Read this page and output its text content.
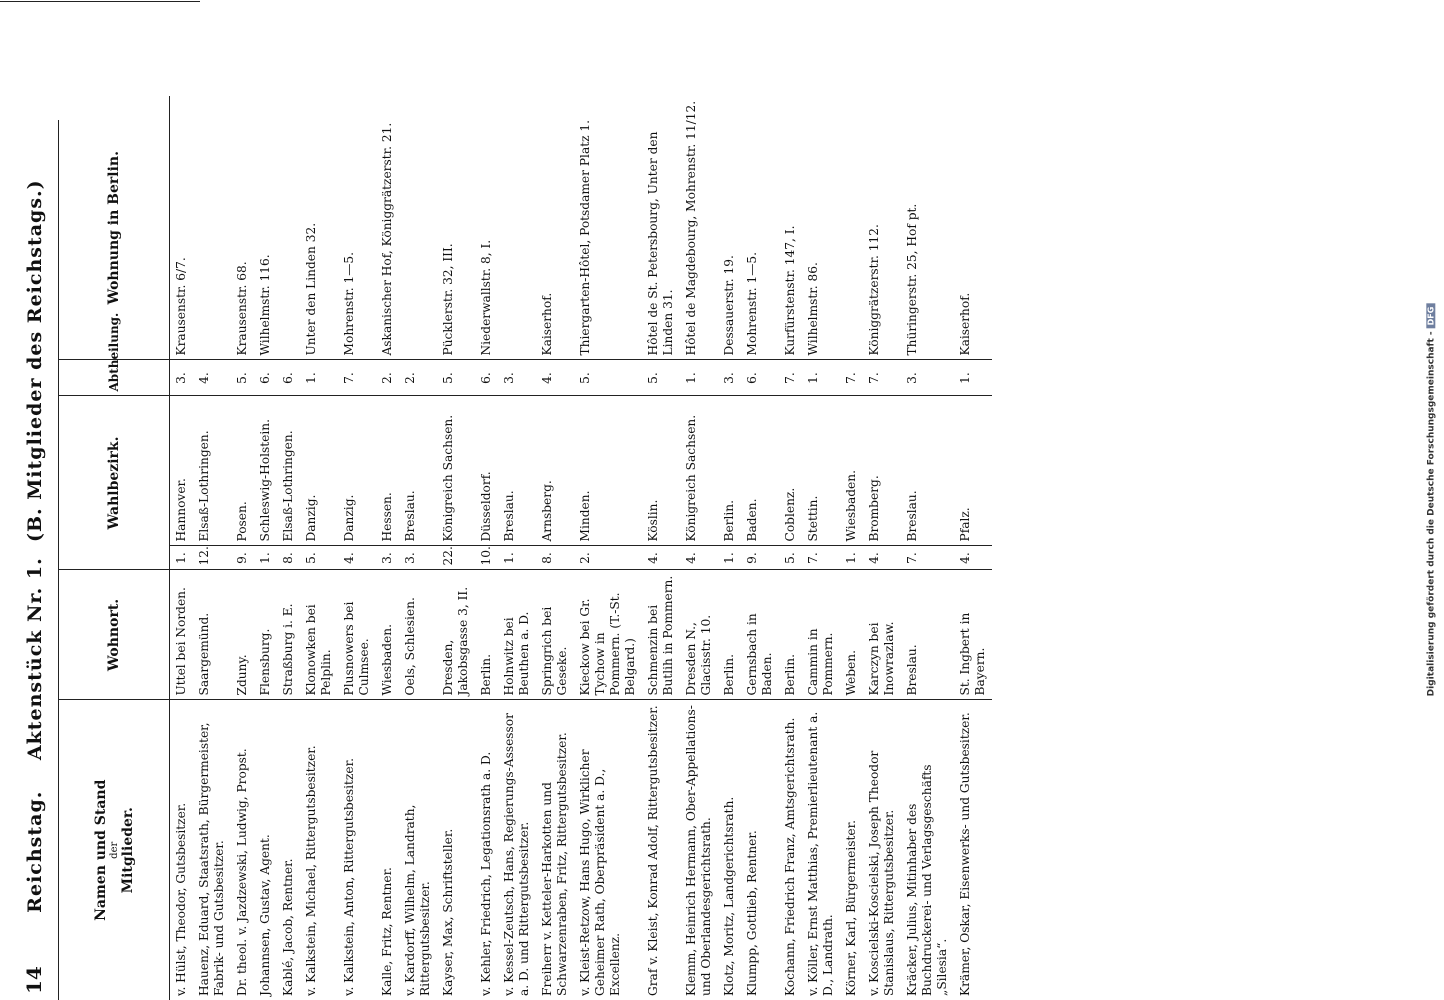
Digitalisierung gefördert durch die Deutsche Forschungsgemeinschaft -DFG
14
Reichstag.    Aktenstück Nr. 1.  (B. Mitglieder des Reichstags.)
Namen und Stand der Mitglieder.	Wohnort.	Wahlbezirk.		Abtheilung.	Wohnung in Berlin.
v. Hülst, Theodor, Gutsbesitzer.	Uttel bei Norden.	1.	Hannover.	3.	Krausenstr. 6/7.
Hauenz, Eduard, Staatsrath, Bürgermeister, Fabrik- und Gutsbesitzer.	Saargemünd.	12.	Elsaß-Lothringen.	4.	
Dr. theol. v. Jazdzewski, Ludwig, Propst.	Zduny.	9.	Posen.	5.	Krausenstr. 68.
Johannsen, Gustav, Agent.	Flensburg.	1.	Schleswig-Holstein.	6.	Wilhelmstr. 116.
Kablé, Jacob, Rentner.	Straßburg i. E.	8.	Elsaß-Lothringen.	6.	
v. Kalkstein, Michael, Rittergutsbesitzer.	Klonowken bei Pelplin.	5.	Danzig.	1.	Unter den Linden 32.
v. Kalkstein, Anton, Rittergutsbesitzer.	Plusnowers bei Culmsee.	4.	Danzig.	7.	Mohrenstr. 1—5.
Kalle, Fritz, Rentner.	Wiesbaden.	3.	Hessen.	2.	Askanischer Hof, Königgrätzerstr. 21.
v. Kardorff, Wilhelm, Landrath, Rittergutsbesitzer.	Oels, Schlesien.	3.	Breslau.	2.	
Kayser, Max, Schriftsteller.	Dresden, Jakobsgasse 3, II.	22.	Königreich Sachsen.	5.	Pücklerstr. 32, III.
v. Kehler, Friedrich, Legationsrath a. D.	Berlin.	10.	Düsseldorf.	6.	Niederwallstr. 8, I.
v. Kessel-Zeutsch, Hans, Regierungs-Assessor a. D. und Rittergutsbesitzer.	Holnwitz bei Beuthen a. D.	1.	Breslau.	3.	
Freiherr v. Ketteler-Harkotten und Schwarzenraben, Fritz, Rittergutsbesitzer.	Springrich bei Geseke.	8.	Arnsberg.	4.	Kaiserhof.
v. Kleist-Retzow, Hans Hugo, Wirklicher Geheimer Rath, Oberpräsident a. D., Excellenz.	Kieckow bei Gr. Tychow in Pommern. (T.-St. Belgard.)	2.	Minden.	5.	Thiergarten-Hôtel, Potsdamer Platz 1.
Graf v. Kleist, Konrad Adolf, Rittergutsbesitzer.	Schmenzin bei Butlih in Pommern.	4.	Köslin.	5.	Hôtel de St. Petersbourg, Unter den Linden 31.
Klemm, Heinrich Hermann, Ober-Appellations- und Oberlandesgerichtsrath.	Dresden N., Glacisstr. 10.	4.	Königreich Sachsen.	1.	Hôtel de Magdebourg, Mohrenstr. 11/12.
Klotz, Moritz, Landgerichtsrath.	Berlin.	1.	Berlin.	3.	Dessauerstr. 19.
Klumpp, Gottlieb, Rentner.	Gernsbach in Baden.	9.	Baden.	6.	Mohrenstr. 1—5.
Kochann, Friedrich Franz, Amtsgerichtsrath.	Berlin.	5.	Coblenz.	7.	Kurfürstenstr. 147, I.
v. Köller, Ernst Matthias, Premierlieutenant a. D., Landrath.	Cammin in Pommern.	7.	Stettin.	1.	Wilhelmstr. 86.
Körner, Karl, Bürgermeister.	Weben.	1.	Wiesbaden.	7.	
v. Koscielski-Koscielski, Joseph Theodor Stanislaus, Rittergutsbesitzer.	Karczyn bei Inowrazlaw.	4.	Bromberg.	7.	Königgrätzerstr. 112.
Kräcker, Julius, Mitinhaber des Buchdruckerei- und Verlagsgeschäfts „Silesia“.	Breslau.	7.	Breslau.	3.	Thüringerstr. 25, Hof pt.
Krämer, Oskar, Eisenwerks- und Gutsbesitzer.	St. Ingbert in Bayern.	4.	Pfalz.	1.	Kaiserhof.
